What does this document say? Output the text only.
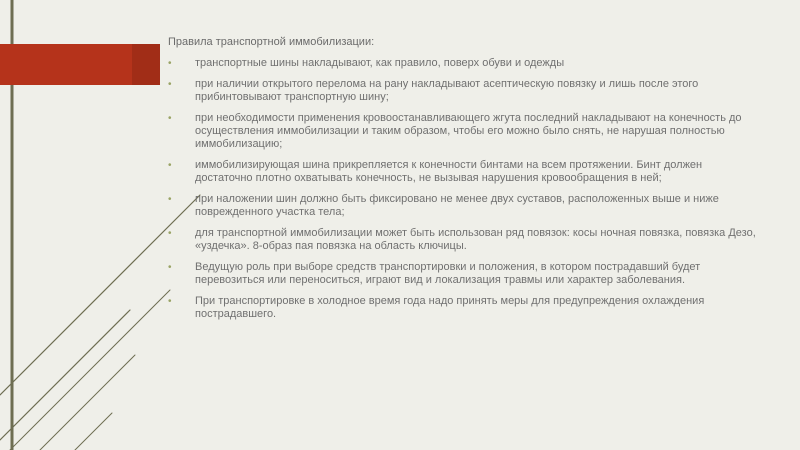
Правила транспортной иммобилизации:

• транспортные шины накладывают, как правило, поверх обуви и одежды
• при наличии открытого перелома на рану накладывают асептическую повязку и лишь после этого прибинтовывают транспортную шину;
• при необходимости применения кровоостанавливающего жгута последний накладывают на конечность до осуществления иммобилизации и таким образом, чтобы его можно было снять, не нарушая полностью иммобилизацию;
• иммобилизирующая шина прикрепляется к конечности бинтами на всем протяжении. Бинт должен достаточно плотно охватывать конечность, не вызывая нарушения кровообращения в ней;
• при наложении шин должно быть фиксировано не менее двух суставов, расположенных выше и ниже поврежденного участка тела;
• для транспортной иммобилизации может быть использован ряд повязок: косы ночная повязка, повязка Дезо, «уздечка». 8-образ пая повязка на область ключицы.
• Ведущую роль при выборе средств транспортировки и положения, в котором пострадавший будет перевозиться или переноситься, играют вид и локализация травмы или характер заболевания.
• При транспортировке в холодное время года надо принять меры для предупреждения охлаждения пострадавшего.
